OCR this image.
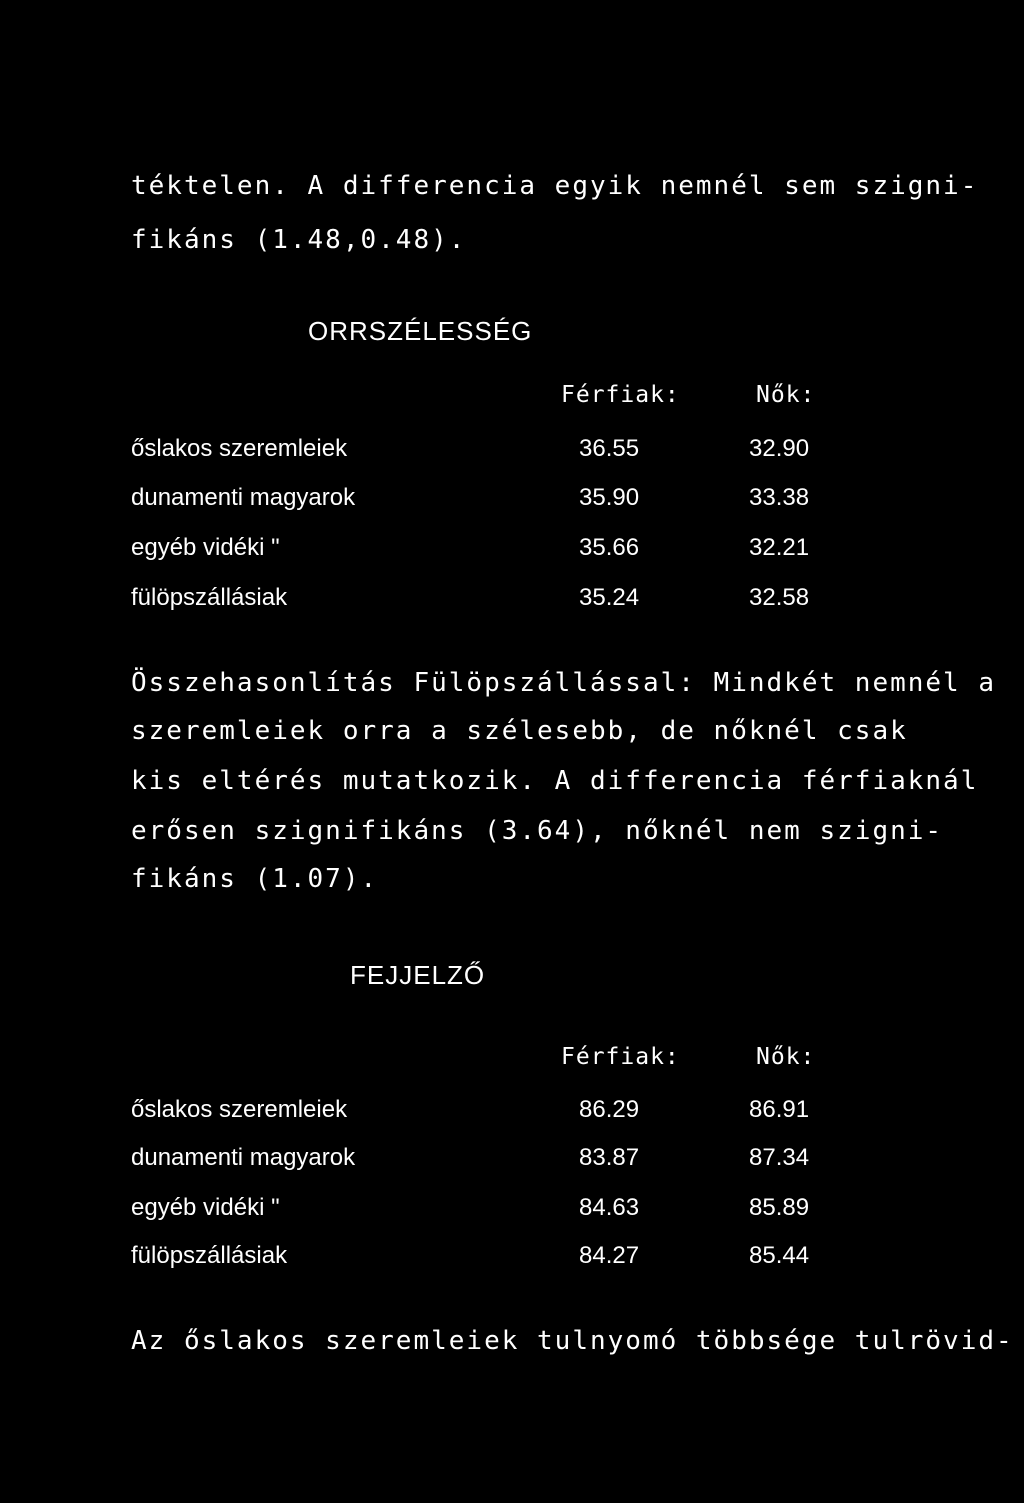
téktelen. A differencia egyik nemnél sem szigni-
fikáns (1.48,0.48).
ORRSZÉLESSÉG
Férfiak:	Nők:
őslakos szeremleiek	36.55	32.90
dunamenti magyarok	35.90	33.38
egyéb vidéki "	35.66	32.21
fülöpszállásiak	35.24	32.58
Összehasonlítás Fülöpszállással: Mindkét nemnél a
szeremleiek orra a szélesebb, de nőknél csak
kis eltérés mutatkozik. A differencia férfiaknál
erősen szignifikáns (3.64), nőknél nem szigni-
fikáns (1.07).
FEJJELZŐ
Férfiak:	Nők:
őslakos szeremleiek	86.29	86.91
dunamenti magyarok	83.87	87.34
egyéb vidéki "	84.63	85.89
fülöpszállásiak	84.27	85.44
Az őslakos szeremleiek tulnyomó többsége tulrövid-
